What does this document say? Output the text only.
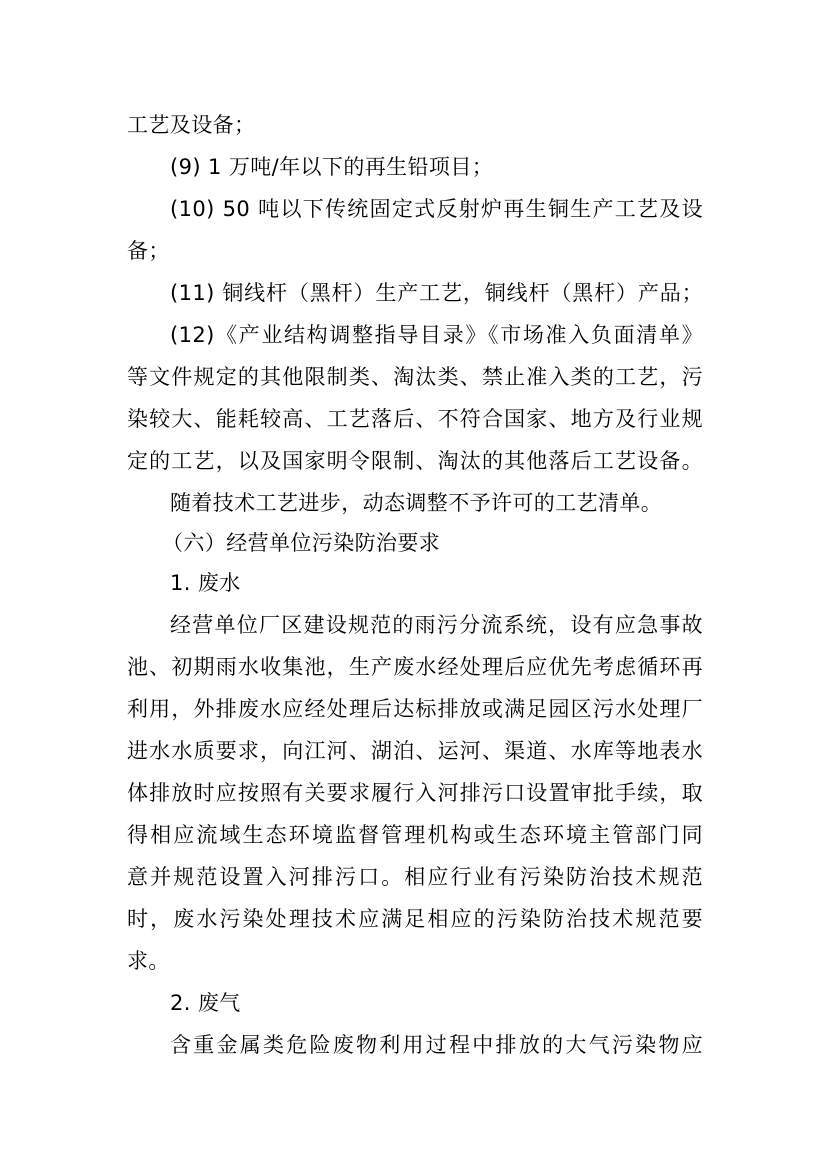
工艺及设备；
(9) 1 万吨/年以下的再生铅项目；
(10) 50 吨以下传统固定式反射炉再生铜生产工艺及设
备；
(11) 铜线杆（黑杆）生产工艺，铜线杆（黑杆）产品；
(12)《产业结构调整指导目录》《市场准入负面清单》
等文件规定的其他限制类、淘汰类、禁止准入类的工艺，污
染较大、能耗较高、工艺落后、不符合国家、地方及行业规
定的工艺，以及国家明令限制、淘汰的其他落后工艺设备。
随着技术工艺进步，动态调整不予许可的工艺清单。
（六）经营单位污染防治要求
1. 废水
经营单位厂区建设规范的雨污分流系统，设有应急事故
池、初期雨水收集池，生产废水经处理后应优先考虑循环再
利用，外排废水应经处理后达标排放或满足园区污水处理厂
进水水质要求，向江河、湖泊、运河、渠道、水库等地表水
体排放时应按照有关要求履行入河排污口设置审批手续，取
得相应流域生态环境监督管理机构或生态环境主管部门同
意并规范设置入河排污口。相应行业有污染防治技术规范
时，废水污染处理技术应满足相应的污染防治技术规范要
求。
2. 废气
含重金属类危险废物利用过程中排放的大气污染物应
